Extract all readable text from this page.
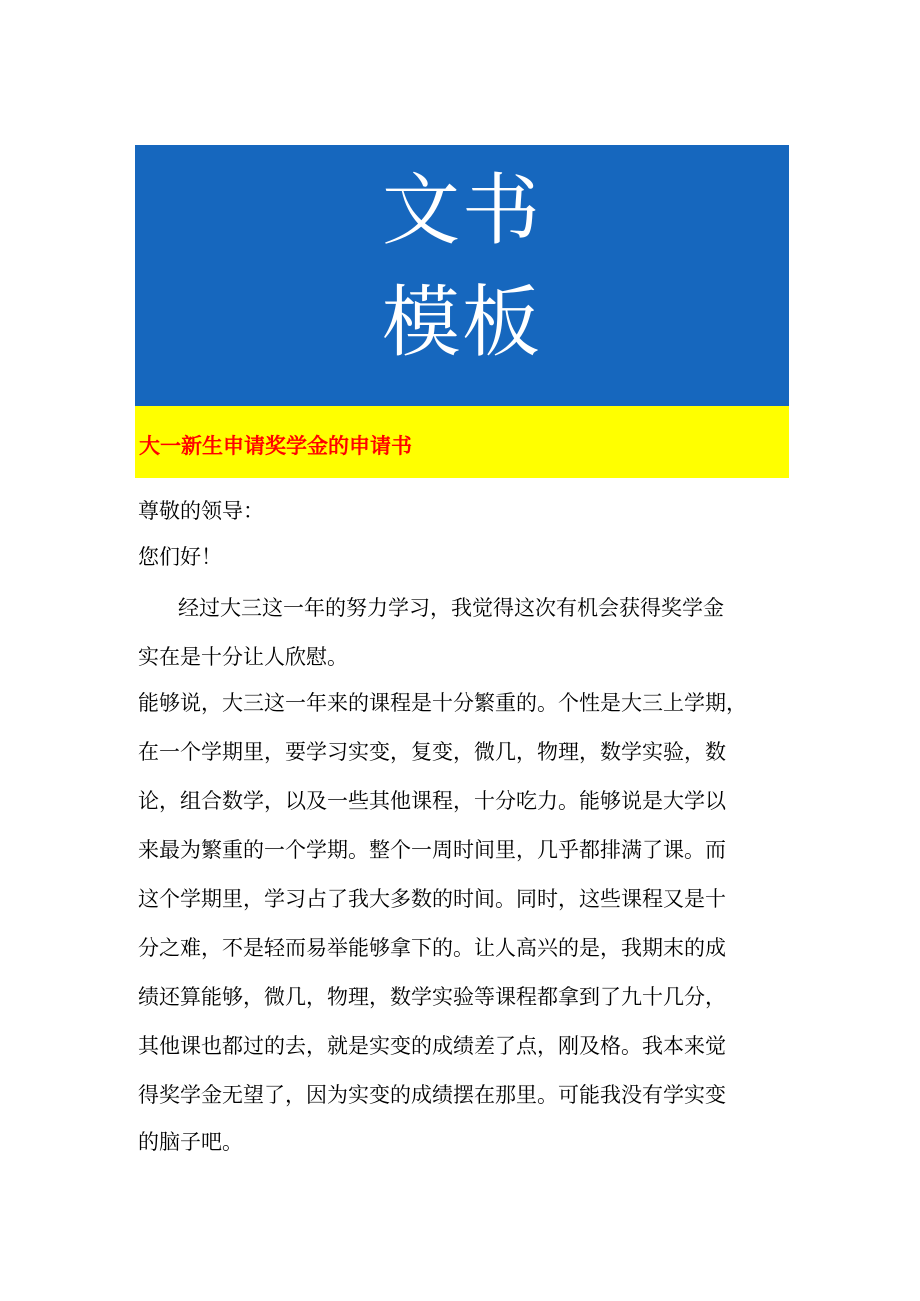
文书
模板
大一新生申请奖学金的申请书
尊敬的领导：
您们好！
经过大三这一年的努力学习，我觉得这次有机会获得奖学金
实在是十分让人欣慰。
能够说，大三这一年来的课程是十分繁重的。个性是大三上学期，
在一个学期里，要学习实变，复变，微几，物理，数学实验，数
论，组合数学，以及一些其他课程，十分吃力。能够说是大学以
来最为繁重的一个学期。整个一周时间里，几乎都排满了课。而
这个学期里，学习占了我大多数的时间。同时，这些课程又是十
分之难，不是轻而易举能够拿下的。让人高兴的是，我期末的成
绩还算能够，微几，物理，数学实验等课程都拿到了九十几分，
其他课也都过的去，就是实变的成绩差了点，刚及格。我本来觉
得奖学金无望了，因为实变的成绩摆在那里。可能我没有学实变
的脑子吧。
